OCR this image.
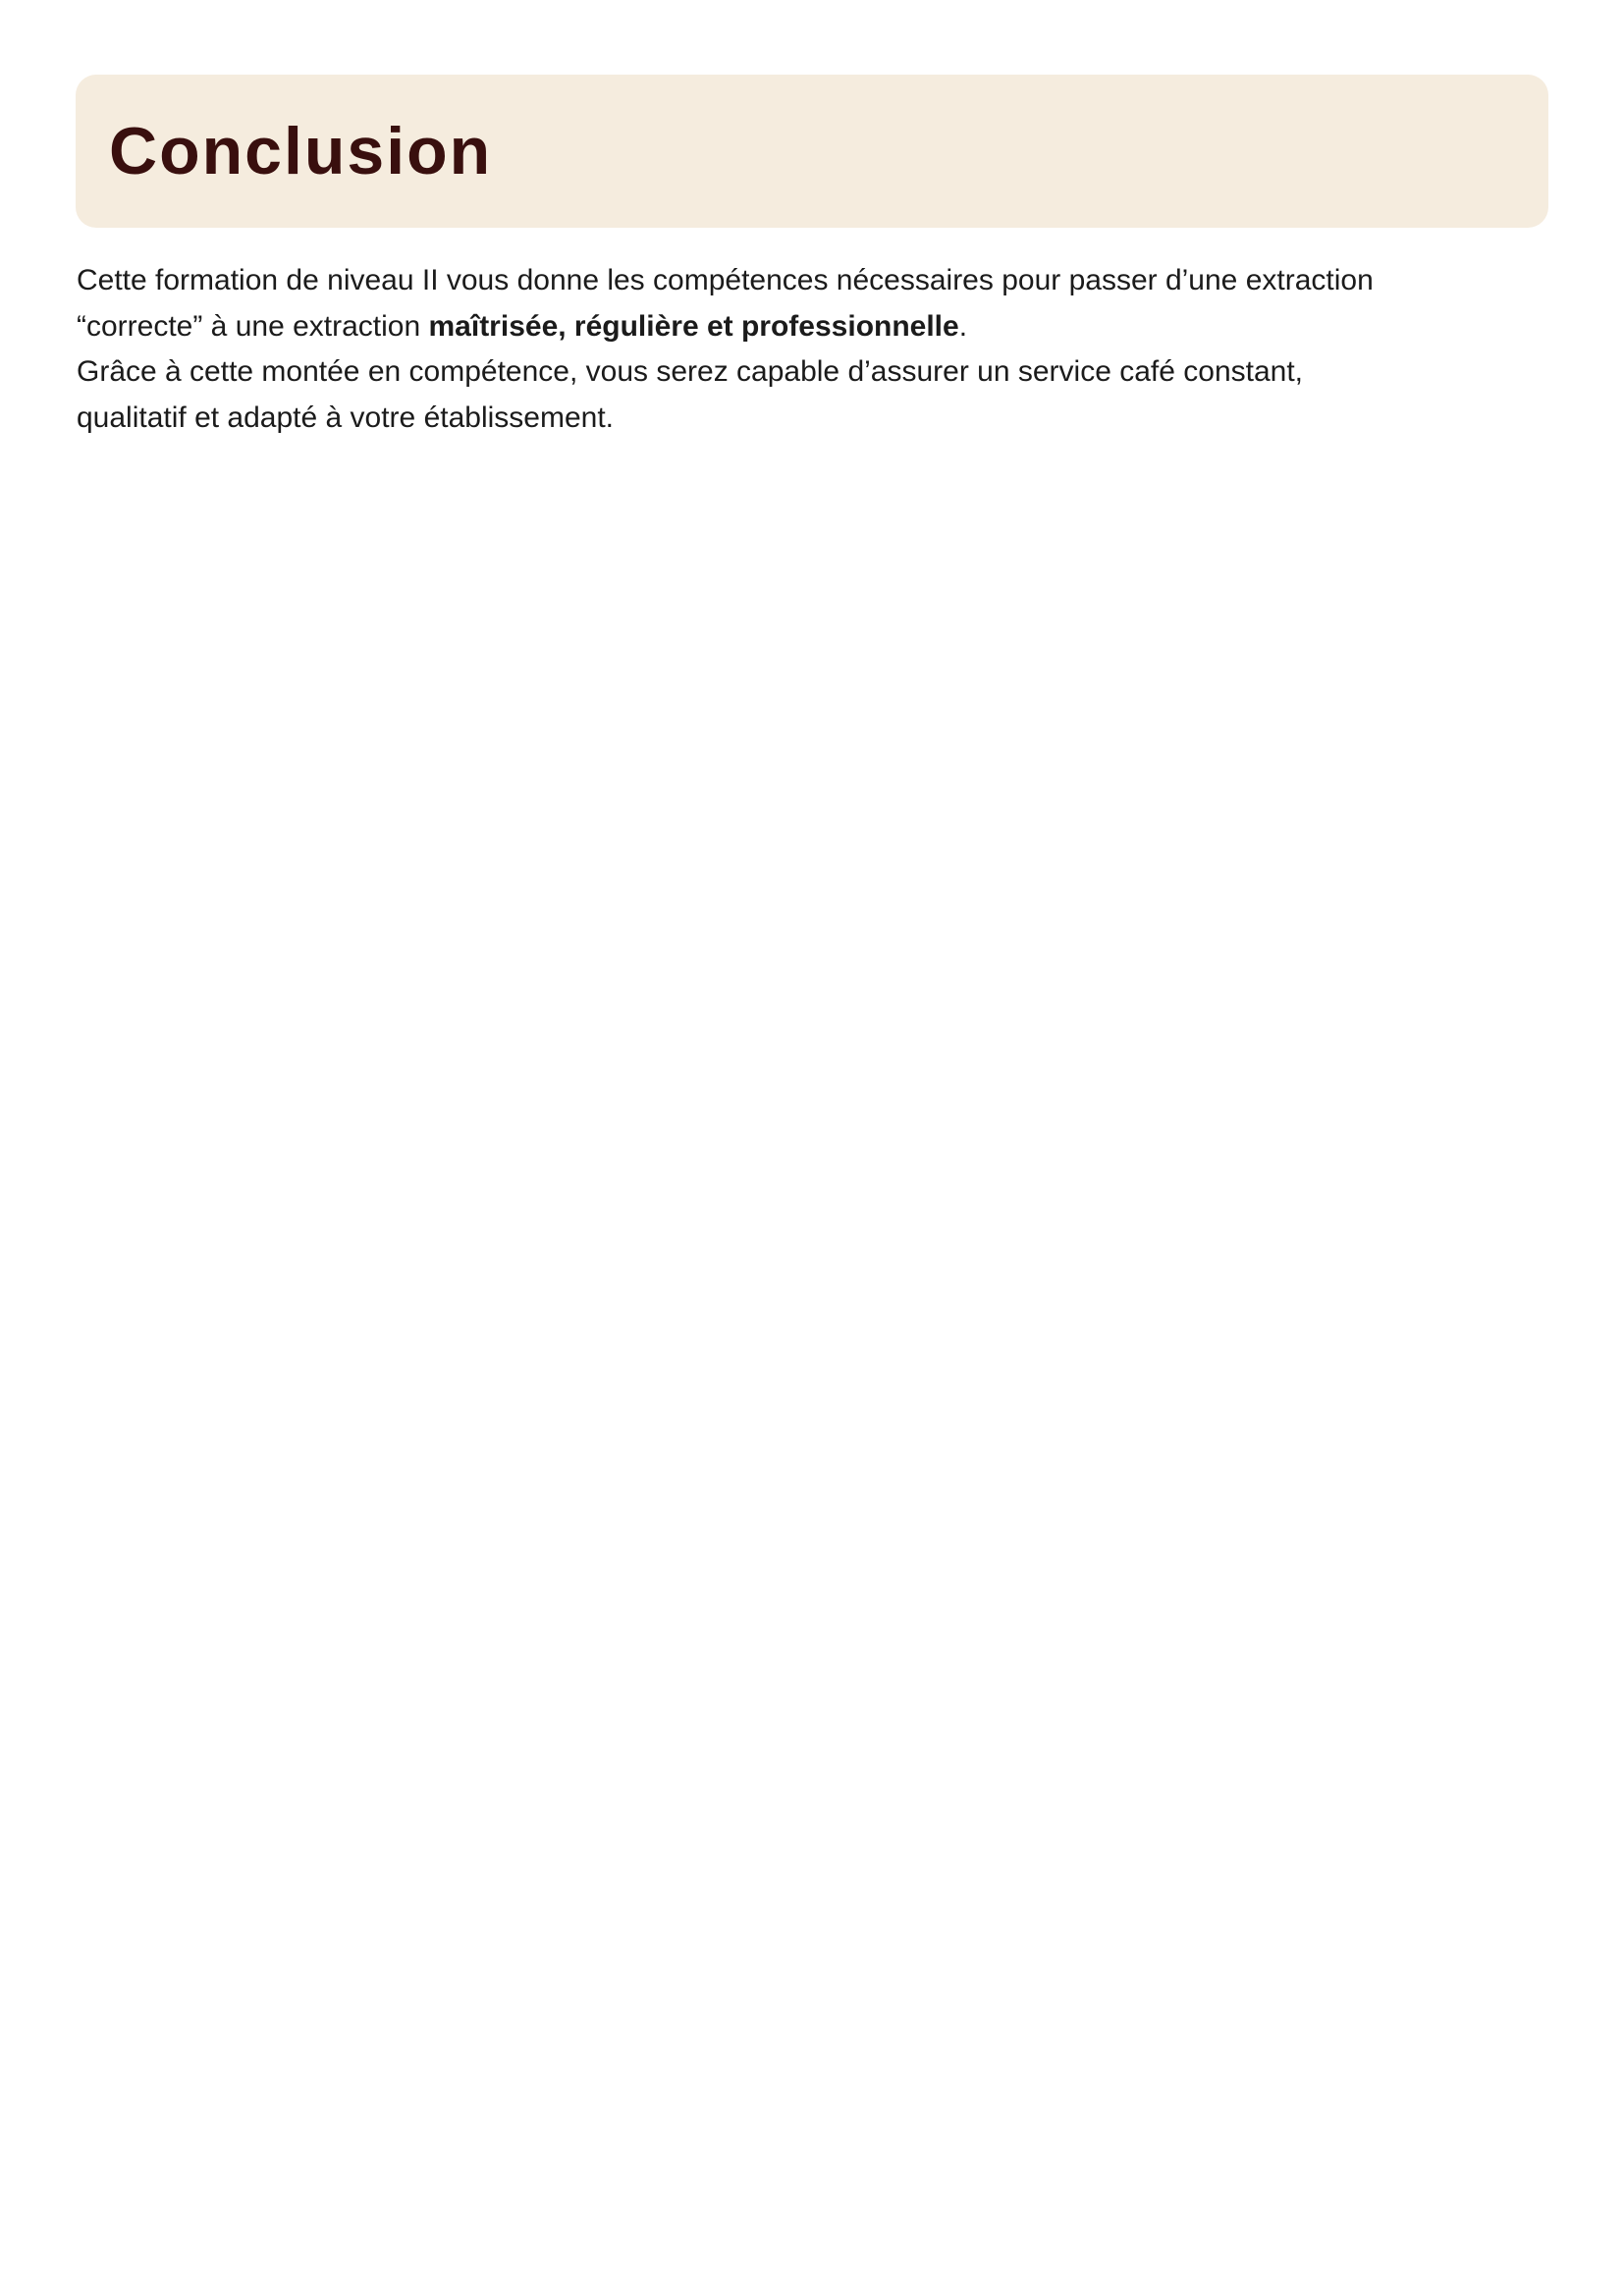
Conclusion

Cette formation de niveau II vous donne les compétences nécessaires pour passer d’une extraction
“correcte” à une extraction maîtrisée, régulière et professionnelle.

Grâce à cette montée en compétence, vous serez capable d’assurer un service café constant,
qualitatif et adapté à votre établissement.
